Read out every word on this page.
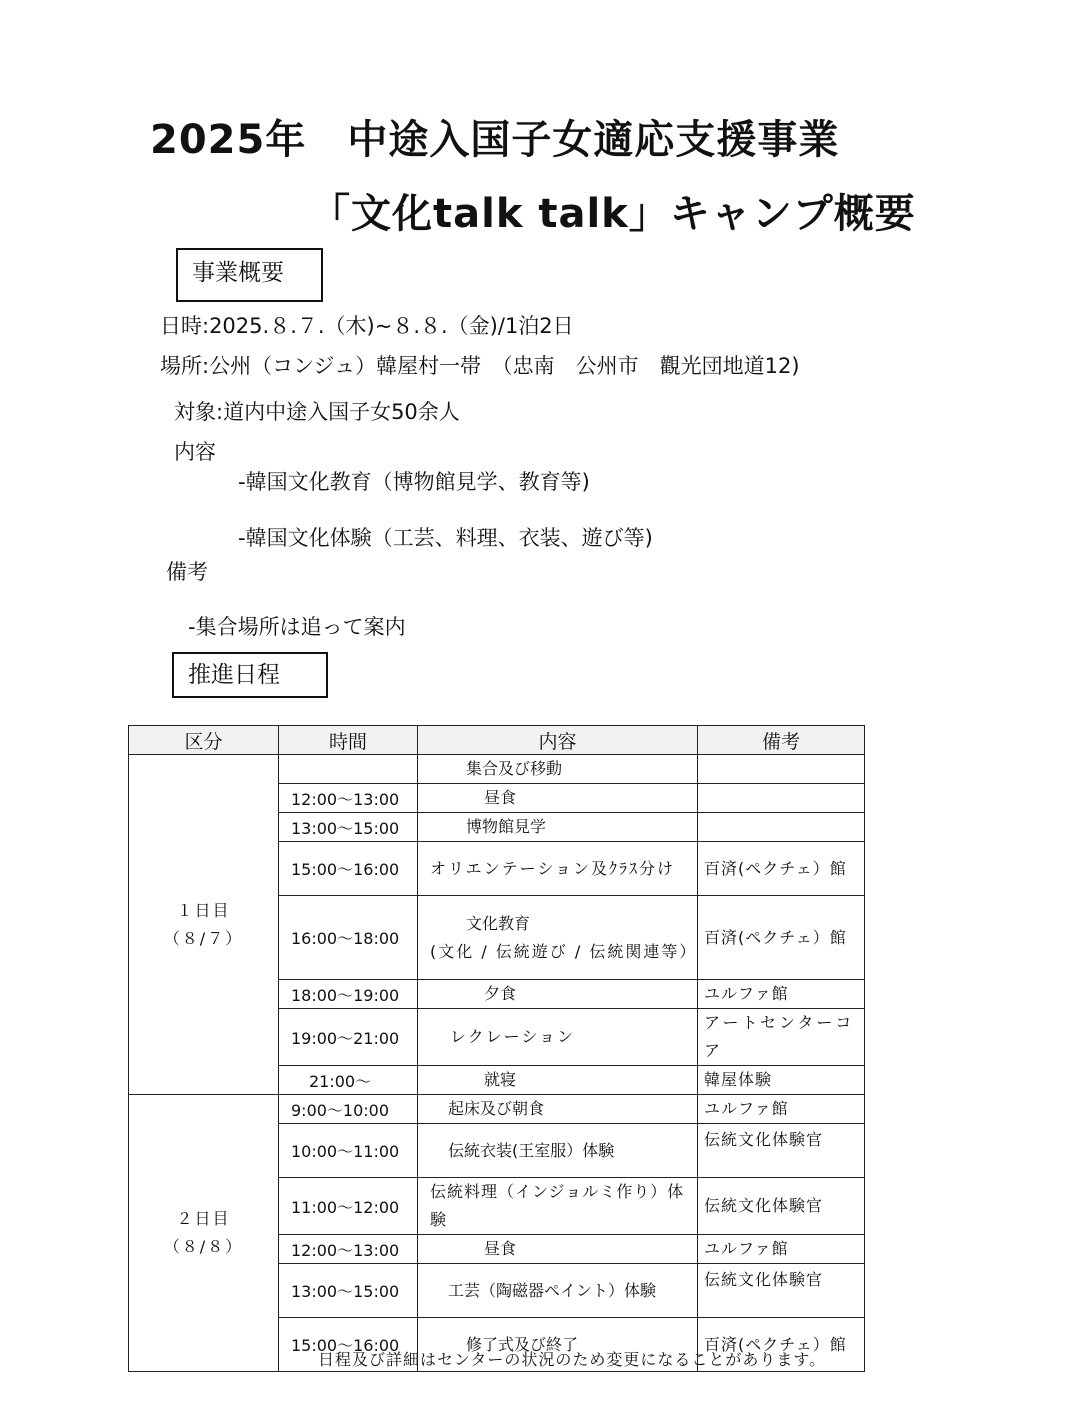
2025年　中途入国子女適応支援事業
「文化talk talk」キャンプ概要
事業概要
日時:2025.８.７.（木)~８.８.（金)/1泊2日
場所:公州（コンジュ）韓屋村一帯　（忠南　公州市　觀光団地道12)
対象:道内中途入国子女50余人
内容
-韓国文化教育（博物館見学、教育等)
-韓国文化体験（工芸、料理、衣装、遊び等)
備考
-集合場所は追って案内
推進日程
区分	時間	内容	備考

１日目
（８/７）		集合及び移動	
	12:00～13:00	昼食	
	13:00～15:00	博物館見学	
	15:00～16:00	オリエンテーション及ｸﾗｽ分け	百済(ペクチェ）館
	16:00～18:00	文化教育
(文化 / 伝統遊び / 伝統関連等）	百済(ペクチェ）館
	18:00～19:00	夕食	ユルファ館
	19:00～21:00	レクレーション	アートセンターコア
	21:00～	就寝	韓屋体験

２日目
（８/８）	9:00～10:00	起床及び朝食	ユルファ館
	10:00～11:00	伝統衣装(王室服）体験	伝統文化体験官
	11:00～12:00	伝統料理（インジョルミ作り）体験	伝統文化体験官
	12:00～13:00	昼食	ユルファ館
	13:00～15:00	工芸（陶磁器ペイント）体験	伝統文化体験官
	15:00～16:00	修了式及び終了	百済(ペクチェ）館
日程及び詳細はセンターの状況のため変更になることがあります。
